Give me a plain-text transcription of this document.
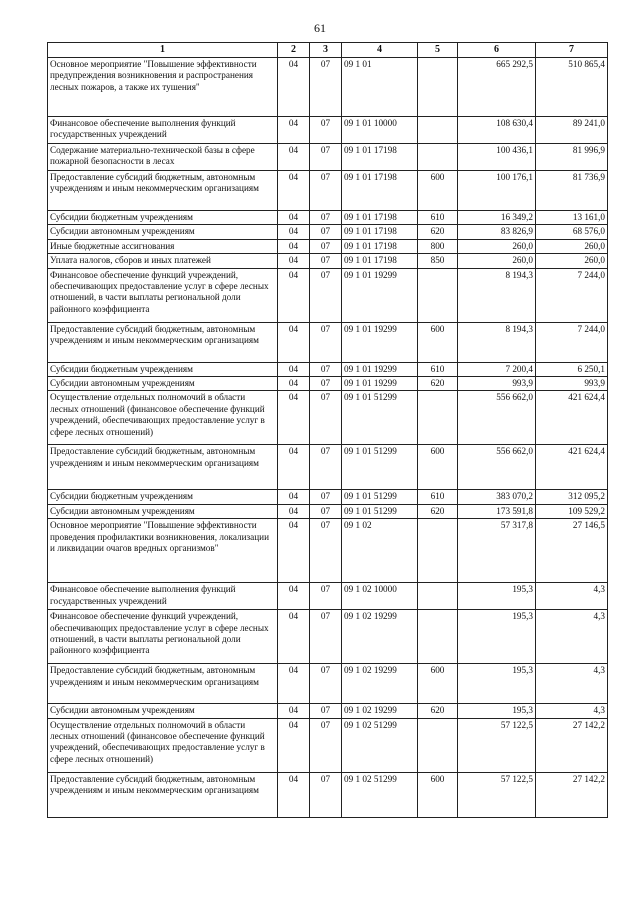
61
1	2	3	4	5	6	7
Основное мероприятие "Повышение эффективности предупреждения возникновения и распространения лесных пожаров, а также их тушения"	04	07	09 1 01		665 292,5	510 865,4
Финансовое обеспечение выполнения функций государственных учреждений	04	07	09 1 01 10000		108 630,4	89 241,0
Содержание материально-технической базы в сфере пожарной безопасности в лесах	04	07	09 1 01 17198		100 436,1	81 996,9
Предоставление субсидий бюджетным, автономным учреждениям и иным некоммерческим организациям	04	07	09 1 01 17198	600	100 176,1	81 736,9
Субсидии бюджетным учреждениям	04	07	09 1 01 17198	610	16 349,2	13 161,0
Субсидии автономным учреждениям	04	07	09 1 01 17198	620	83 826,9	68 576,0
Иные бюджетные ассигнования	04	07	09 1 01 17198	800	260,0	260,0
Уплата налогов, сборов и иных платежей	04	07	09 1 01 17198	850	260,0	260,0
Финансовое обеспечение функций учреждений, обеспечивающих предоставление услуг в сфере лесных отношений, в части выплаты региональной доли районного коэффициента	04	07	09 1 01 19299		8 194,3	7 244,0
Предоставление субсидий бюджетным, автономным учреждениям и иным некоммерческим организациям	04	07	09 1 01 19299	600	8 194,3	7 244,0
Субсидии бюджетным учреждениям	04	07	09 1 01 19299	610	7 200,4	6 250,1
Субсидии автономным учреждениям	04	07	09 1 01 19299	620	993,9	993,9
Осуществление отдельных полномочий в области лесных отношений (финансовое обеспечение функций учреждений, обеспечивающих предоставление услуг в сфере лесных отношений)	04	07	09 1 01 51299		556 662,0	421 624,4
Предоставление субсидий бюджетным, автономным учреждениям и иным некоммерческим организациям	04	07	09 1 01 51299	600	556 662,0	421 624,4
Субсидии бюджетным учреждениям	04	07	09 1 01 51299	610	383 070,2	312 095,2
Субсидии автономным учреждениям	04	07	09 1 01 51299	620	173 591,8	109 529,2
Основное мероприятие "Повышение эффективности проведения профилактики возникновения, локализации и ликвидации очагов вредных организмов"	04	07	09 1 02		57 317,8	27 146,5
Финансовое обеспечение выполнения функций государственных учреждений	04	07	09 1 02 10000		195,3	4,3
Финансовое обеспечение функций учреждений, обеспечивающих предоставление услуг в сфере лесных отношений, в части выплаты региональной доли районного коэффициента	04	07	09 1 02 19299		195,3	4,3
Предоставление субсидий бюджетным, автономным учреждениям и иным некоммерческим организациям	04	07	09 1 02 19299	600	195,3	4,3
Субсидии автономным учреждениям	04	07	09 1 02 19299	620	195,3	4,3
Осуществление отдельных полномочий в области лесных отношений (финансовое обеспечение функций учреждений, обеспечивающих предоставление услуг в сфере лесных отношений)	04	07	09 1 02 51299		57 122,5	27 142,2
Предоставление субсидий бюджетным, автономным учреждениям и иным некоммерческим организациям	04	07	09 1 02 51299	600	57 122,5	27 142,2
